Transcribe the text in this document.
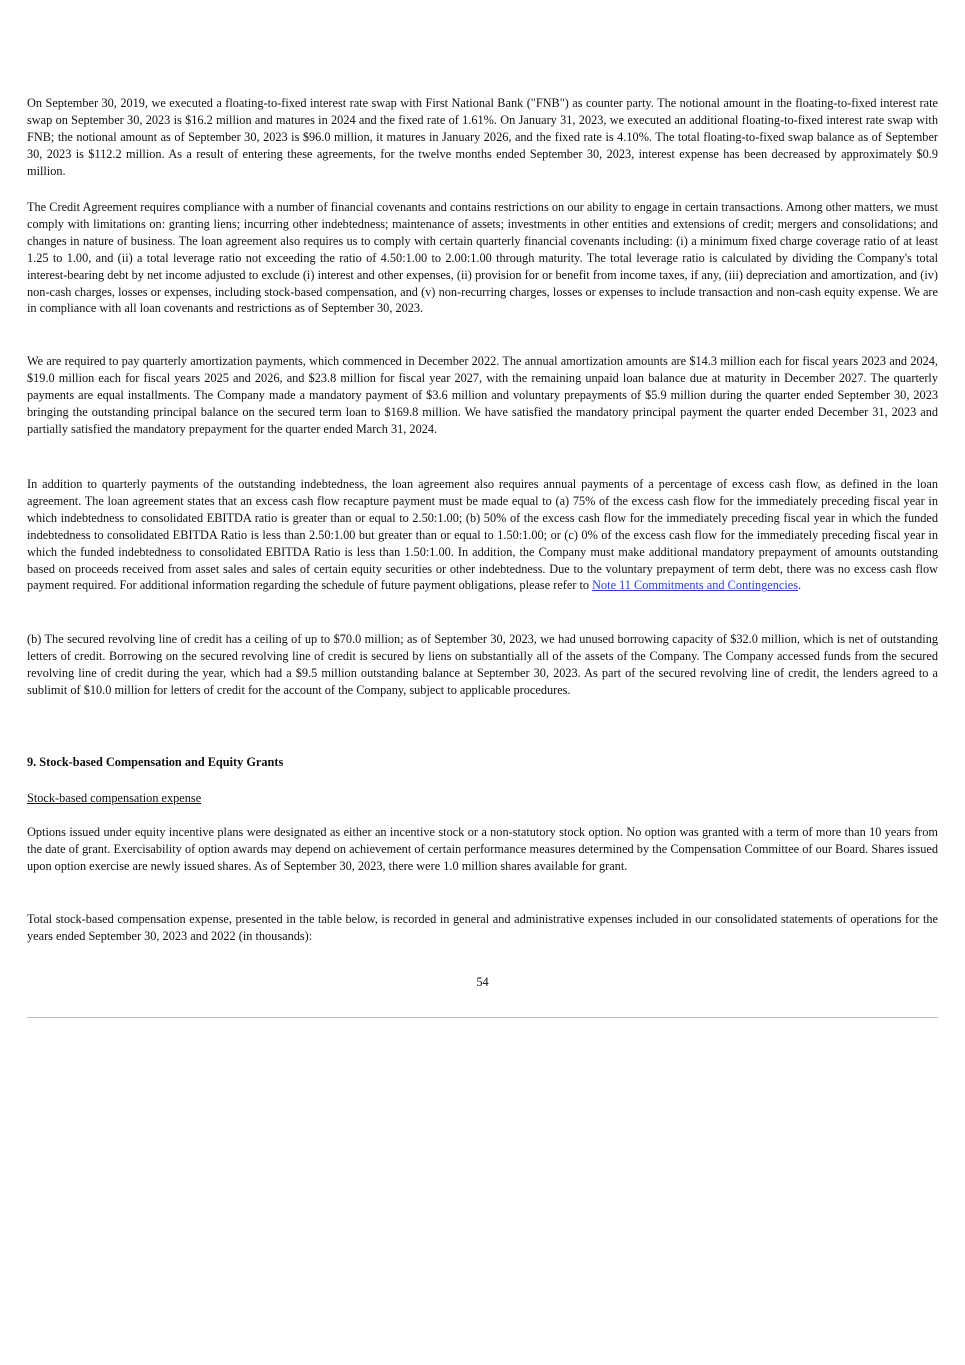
On September 30, 2019, we executed a floating-to-fixed interest rate swap with First National Bank ("FNB") as counter party. The notional amount in the floating-to-fixed interest rate swap on September 30, 2023 is $16.2 million and matures in 2024 and the fixed rate of 1.61%. On January 31, 2023, we executed an additional floating-to-fixed interest rate swap with FNB; the notional amount as of September 30, 2023 is $96.0 million, it matures in January 2026, and the fixed rate is 4.10%. The total floating-to-fixed swap balance as of September 30, 2023 is $112.2 million. As a result of entering these agreements, for the twelve months ended September 30, 2023, interest expense has been decreased by approximately $0.9 million.

The Credit Agreement requires compliance with a number of financial covenants and contains restrictions on our ability to engage in certain transactions. Among other matters, we must comply with limitations on: granting liens; incurring other indebtedness; maintenance of assets; investments in other entities and extensions of credit; mergers and consolidations; and changes in nature of business. The loan agreement also requires us to comply with certain quarterly financial covenants including: (i) a minimum fixed charge coverage ratio of at least 1.25 to 1.00, and (ii) a total leverage ratio not exceeding the ratio of 4.50:1.00 to 2.00:1.00 through maturity. The total leverage ratio is calculated by dividing the Company's total interest-bearing debt by net income adjusted to exclude (i) interest and other expenses, (ii) provision for or benefit from income taxes, if any, (iii) depreciation and amortization, and (iv) non-cash charges, losses or expenses, including stock-based compensation, and (v) non-recurring charges, losses or expenses to include transaction and non-cash equity expense. We are in compliance with all loan covenants and restrictions as of September 30, 2023.

We are required to pay quarterly amortization payments, which commenced in December 2022. The annual amortization amounts are $14.3 million each for fiscal years 2023 and 2024, $19.0 million each for fiscal years 2025 and 2026, and $23.8 million for fiscal year 2027, with the remaining unpaid loan balance due at maturity in December 2027. The quarterly payments are equal installments. The Company made a mandatory payment of $3.6 million and voluntary prepayments of $5.9 million during the quarter ended September 30, 2023 bringing the outstanding principal balance on the secured term loan to $169.8 million. We have satisfied the mandatory principal payment the quarter ended December 31, 2023 and partially satisfied the mandatory prepayment for the quarter ended March 31, 2024.

In addition to quarterly payments of the outstanding indebtedness, the loan agreement also requires annual payments of a percentage of excess cash flow, as defined in the loan agreement. The loan agreement states that an excess cash flow recapture payment must be made equal to (a) 75% of the excess cash flow for the immediately preceding fiscal year in which indebtedness to consolidated EBITDA ratio is greater than or equal to 2.50:1.00; (b) 50% of the excess cash flow for the immediately preceding fiscal year in which the funded indebtedness to consolidated EBITDA Ratio is less than 2.50:1.00 but greater than or equal to 1.50:1.00; or (c) 0% of the excess cash flow for the immediately preceding fiscal year in which the funded indebtedness to consolidated EBITDA Ratio is less than 1.50:1.00. In addition, the Company must make additional mandatory prepayment of amounts outstanding based on proceeds received from asset sales and sales of certain equity securities or other indebtedness. Due to the voluntary prepayment of term debt, there was no excess cash flow payment required. For additional information regarding the schedule of future payment obligations, please refer to Note 11 Commitments and Contingencies.

(b) The secured revolving line of credit has a ceiling of up to $70.0 million; as of September 30, 2023, we had unused borrowing capacity of $32.0 million, which is net of outstanding letters of credit. Borrowing on the secured revolving line of credit is secured by liens on substantially all of the assets of the Company. The Company accessed funds from the secured revolving line of credit during the year, which had a $9.5 million outstanding balance at September 30, 2023. As part of the secured revolving line of credit, the lenders agreed to a sublimit of $10.0 million for letters of credit for the account of the Company, subject to applicable procedures.

9. Stock-based Compensation and Equity Grants

Stock-based compensation expense

Options issued under equity incentive plans were designated as either an incentive stock or a non-statutory stock option. No option was granted with a term of more than 10 years from the date of grant. Exercisability of option awards may depend on achievement of certain performance measures determined by the Compensation Committee of our Board. Shares issued upon option exercise are newly issued shares. As of September 30, 2023, there were 1.0 million shares available for grant.

Total stock-based compensation expense, presented in the table below, is recorded in general and administrative expenses included in our consolidated statements of operations for the years ended September 30, 2023 and 2022 (in thousands):

54
